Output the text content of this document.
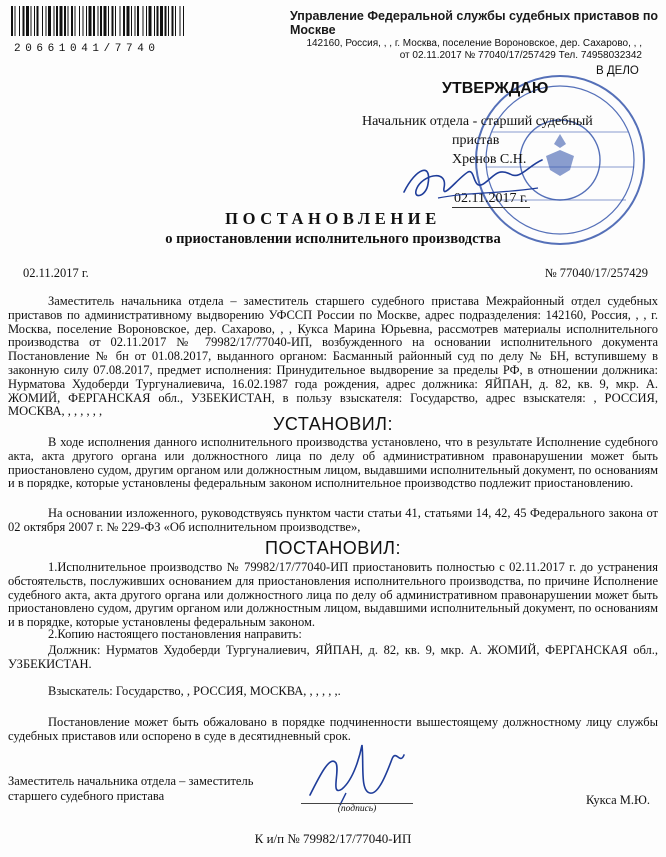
20661041/7740
Управление Федеральной службы судебных приставов по Москве
142160, Россия, , , г. Москва, поселение Вороновское, дер. Сахарово, , ,
от 02.11.2017 № 77040/17/257429 Тел. 74958032342
В ДЕЛО
УТВЕРЖДАЮ
Начальник отдела - старший судебный
пристав
Хренов С.Н.
02.11.2017 г.
ПОСТАНОВЛЕНИЕ
о приостановлении исполнительного производства
02.11.2017 г.	№ 77040/17/257429
Заместитель начальника отдела – заместитель старшего судебного пристава Межрайонный отдел судебных приставов по административному выдворению УФССП России по Москве, адрес подразделения: 142160, Россия, , , г. Москва, поселение Вороновское, дер. Сахарово, , , Кукса Марина Юрьевна, рассмотрев материалы исполнительного производства от 02.11.2017 № 79982/17/77040-ИП, возбужденного на основании исполнительного документа Постановление № бн от 01.08.2017, выданного органом: Басманный районный суд по делу № БН, вступившему в законную силу 07.08.2017, предмет исполнения: Принудительное выдворение за пределы РФ, в отношении должника: Нурматова Худоберди Тургуналиевича, 16.02.1987 года рождения, адрес должника: ЯЙПАН, д. 82, кв. 9, мкр. А. ЖОМИЙ, ФЕРГАНСКАЯ обл., УЗБЕКИСТАН, в пользу взыскателя: Государство, адрес взыскателя: , РОССИЯ, МОСКВА, , , , , , ,
УСТАНОВИЛ:
В ходе исполнения данного исполнительного производства установлено, что в результате Исполнение судебного акта, акта другого органа или должностного лица по делу об административном правонарушении может быть приостановлено судом, другим органом или должностным лицом, выдавшими исполнительный документ, по основаниям и в порядке, которые установлены федеральным законом исполнительное производство подлежит приостановлению.
На основании изложенного, руководствуясь пунктом части статьи 41, статьями 14, 42, 45 Федерального закона от 02 октября 2007 г. № 229-ФЗ «Об исполнительном производстве»,
ПОСТАНОВИЛ:
1.Исполнительное производство № 79982/17/77040-ИП приостановить полностью с 02.11.2017 г. до устранения обстоятельств, послуживших основанием для приостановления исполнительного производства, по причине Исполнение судебного акта, акта другого органа или должностного лица по делу об административном правонарушении может быть приостановлено судом, другим органом или должностным лицом, выдавшими исполнительный документ, по основаниям и в порядке, которые установлены федеральным законом.
2.Копию настоящего постановления направить:
Должник: Нурматов Худоберди Тургуналиевич, ЯЙПАН, д. 82, кв. 9, мкр. А. ЖОМИЙ, ФЕРГАНСКАЯ обл., УЗБЕКИСТАН.
Взыскатель: Государство, , РОССИЯ, МОСКВА, , , , , ,.
Постановление может быть обжаловано в порядке подчиненности вышестоящему должностному лицу службы судебных приставов или оспорено в суде в десятидневный срок.
Заместитель начальника отдела – заместитель
старшего судебного пристава
(подпись)
Кукса М.Ю.
К и/п № 79982/17/77040-ИП
